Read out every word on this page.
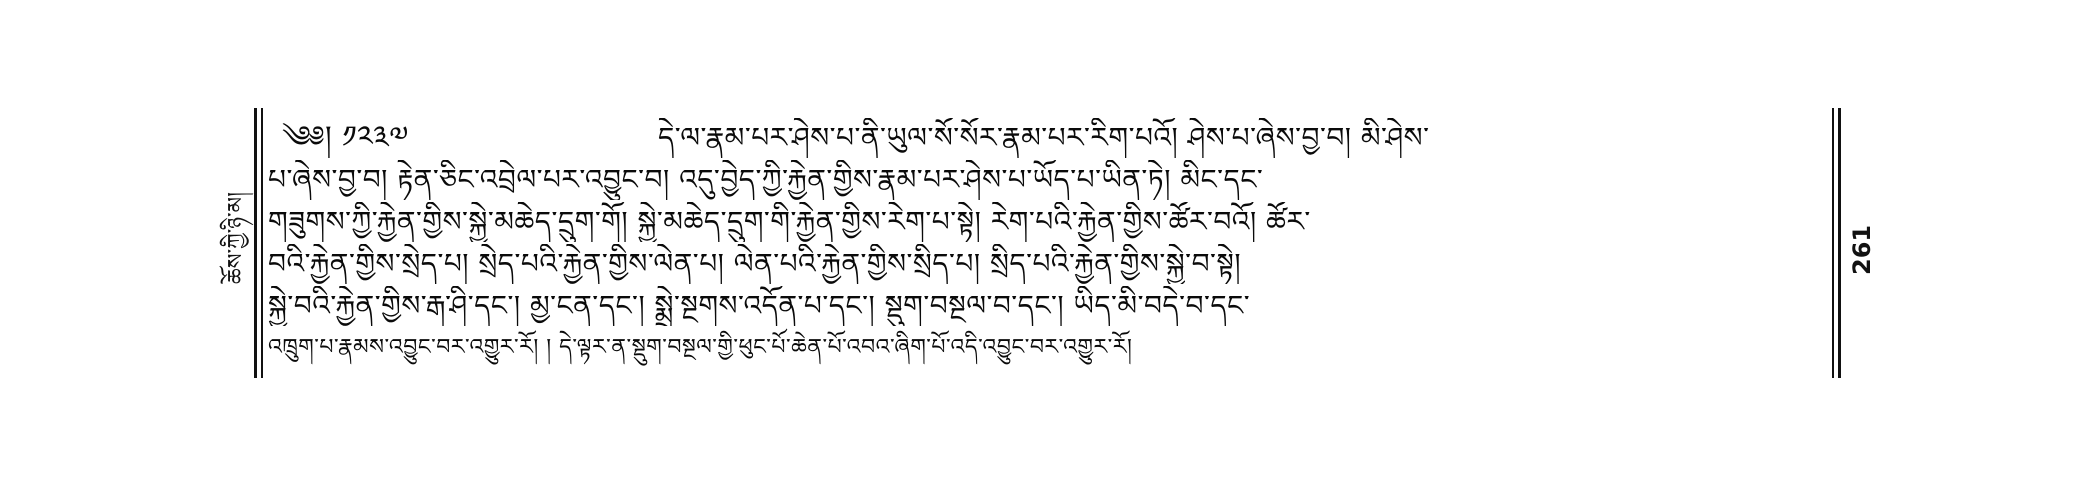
ཆོས་ཀྱི་ཉི་མ།
༄༅། ༡༢༣༧	དེ་ལ་རྣམ་པར་ཤེས་པ་ནི་ཡུལ་སོ་སོར་རྣམ་པར་རིག་པའོ། ཤེས་པ་ཞེས་བྱ་བ། མི་ཤེས་
པ་ཞེས་བྱ་བ། རྟེན་ཅིང་འབྲེལ་པར་འབྱུང་བ། འདུ་བྱེད་ཀྱི་རྐྱེན་གྱིས་རྣམ་པར་ཤེས་པ་ཡོད་པ་ཡིན་ཏེ། མིང་དང་
གཟུགས་ཀྱི་རྐྱེན་གྱིས་སྐྱེ་མཆེད་དྲུག་གོ། སྐྱེ་མཆེད་དྲུག་གི་རྐྱེན་གྱིས་རེག་པ་སྟེ། རེག་པའི་རྐྱེན་གྱིས་ཚོར་བའོ། ཚོར་
བའི་རྐྱེན་གྱིས་སྲེད་པ། སྲེད་པའི་རྐྱེན་གྱིས་ལེན་པ། ལེན་པའི་རྐྱེན་གྱིས་སྲིད་པ། སྲིད་པའི་རྐྱེན་གྱིས་སྐྱེ་བ་སྟེ།
སྐྱེ་བའི་རྐྱེན་གྱིས་རྒ་ཤི་དང་། མྱ་ངན་དང་། སྨྲེ་སྔགས་འདོན་པ་དང་། སྡུག་བསྔལ་བ་དང་། ཡིད་མི་བདེ་བ་དང་
འཁྲུག་པ་རྣམས་འབྱུང་བར་འགྱུར་རོ། ། དེ་ལྟར་ན་སྡུག་བསྔལ་གྱི་ཕུང་པོ་ཆེན་པོ་འབའ་ཞིག་པོ་འདི་འབྱུང་བར་འགྱུར་རོ།
261
